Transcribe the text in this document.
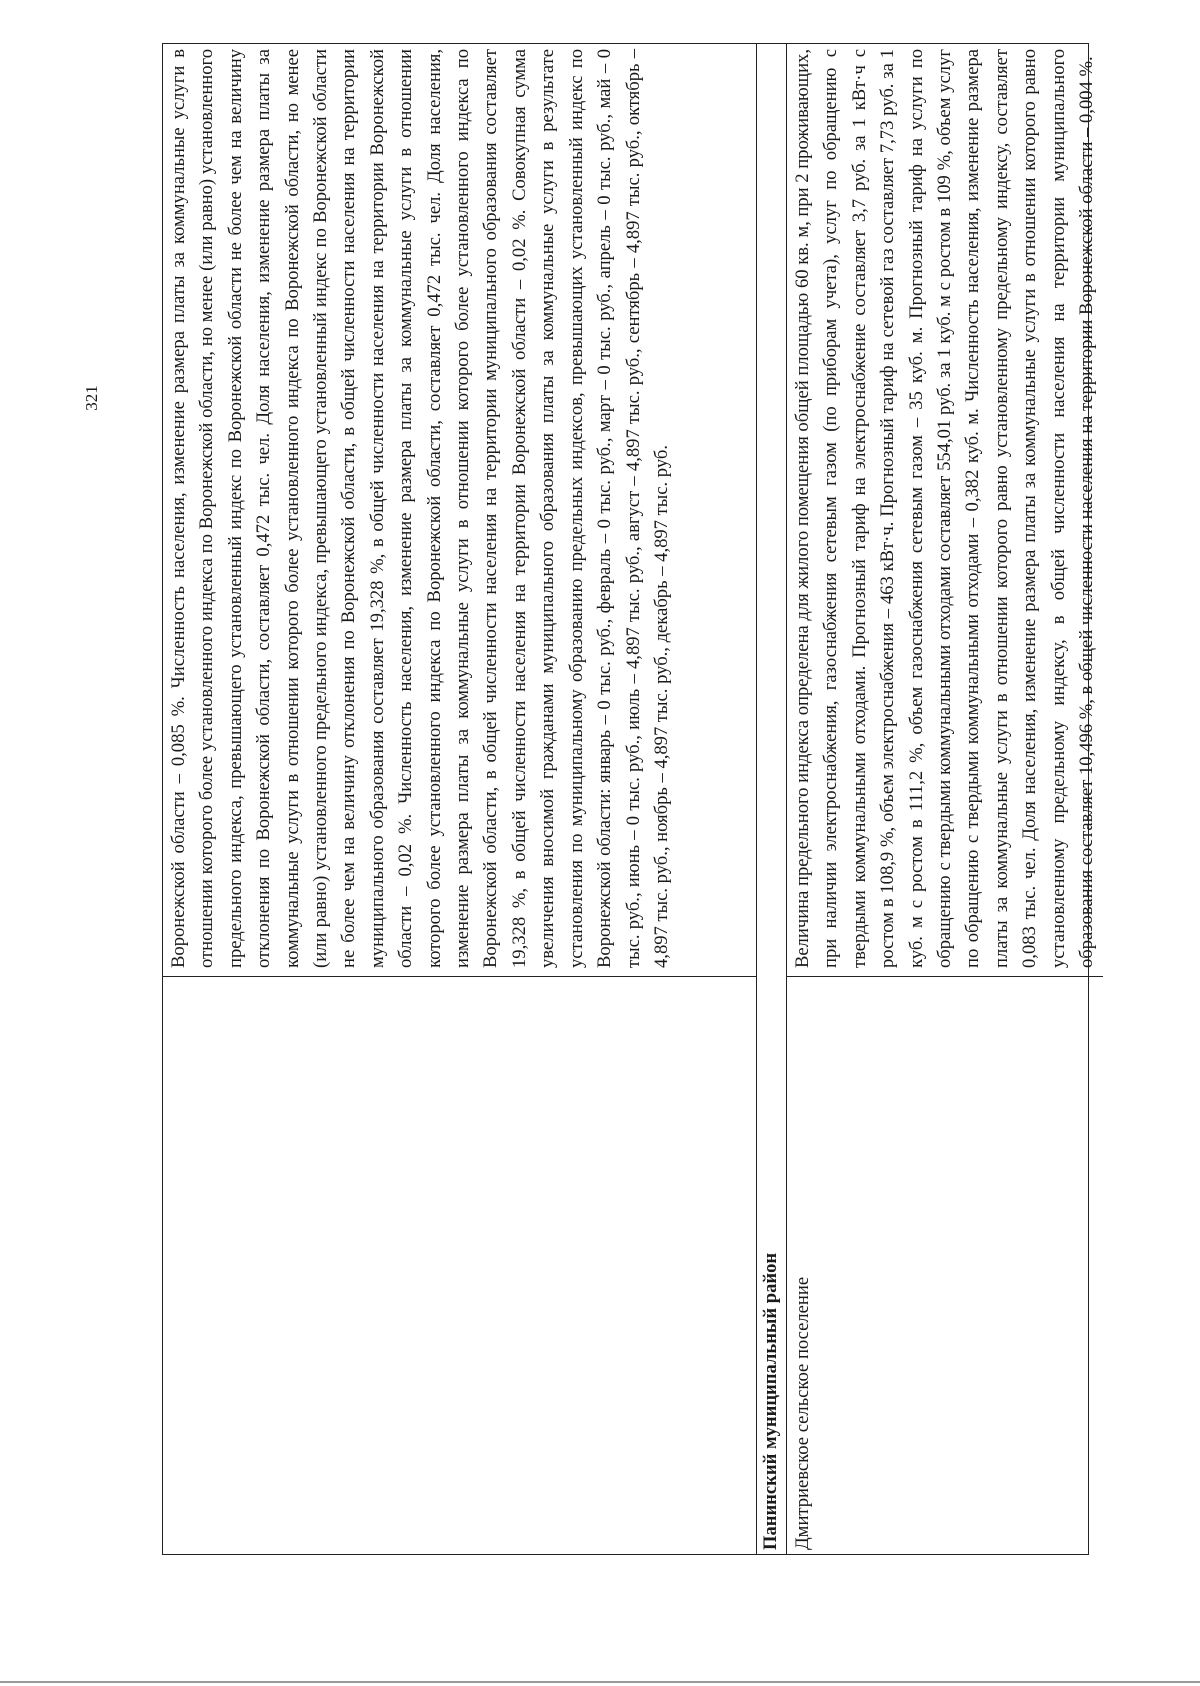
321	Воронежской области – 0,085 %. Численность населения, изменение размера платы за коммунальные услуги в отношении которого более установленного индекса по Воронежской области, но менее (или равно) установленного предельного индекса, превышающего установленный индекс по Воронежской области не более чем на величину отклонения по Воронежской области, составляет 0,472 тыс. чел. Доля населения, изменение размера платы за коммунальные услуги в отношении которого более установленного индекса по Воронежской области, но менее (или равно) установленного предельного индекса, превышающего установленный индекс по Воронежской области не более чем на величину отклонения по Воронежской области, в общей численности населения на территории муниципального образования составляет 19,328 %, в общей численности населения на территории Воронежской области – 0,02 %. Численность населения, изменение размера платы за коммунальные услуги в отношении которого более установленного индекса по Воронежской области, составляет 0,472 тыс. чел. Доля населения, изменение размера платы за коммунальные услуги в отношении которого более установленного индекса по Воронежской области, в общей численности населения на территории муниципального образования составляет 19,328 %, в общей численности населения на территории Воронежской области – 0,02 %. Совокупная сумма увеличения вносимой гражданами муниципального образования платы за коммунальные услуги в результате установления по муниципальному образованию предельных индексов, превышающих установленный индекс по Воронежской области: январь – 0 тыс. руб., февраль – 0 тыс. руб., март – 0 тыс. руб., апрель – 0 тыс. руб., май – 0 тыс. руб., июнь – 0 тыс. руб., июль – 4,897 тыс. руб., август – 4,897 тыс. руб., сентябрь – 4,897 тыс. руб., октябрь – 4,897 тыс. руб., ноябрь – 4,897 тыс. руб., декабрь – 4,897 тыс. руб.
Панинский муниципальный район Дмитриевское сельское поселение
Величина предельного индекса определена для жилого помещения общей площадью 60 кв. м, при 2 проживающих, при наличии электроснабжения, газоснабжения сетевым газом (по приборам учета), услуг по обращению с твердыми коммунальными отходами. Прогнозный тариф на электроснабжение составляет 3,7 руб. за 1 кВт·ч с ростом в 108,9 %, объем электроснабжения – 463 кВт·ч. Прогнозный тариф на сетевой газ составляет 7,73 руб. за 1 куб. м с ростом в 111,2 %, объем газоснабжения сетевым газом – 35 куб. м. Прогнозный тариф на услуги по обращению с твердыми коммунальными отходами составляет 554,01 руб. за 1 куб. м с ростом в 109 %, объем услуг по обращению с твердыми коммунальными отходами – 0,382 куб. м. Численность населения, изменение размера платы за коммунальные услуги в отношении которого равно установленному предельному индексу, составляет 0,083 тыс. чел. Доля населения, изменение размера платы за коммунальные услуги в отношении которого равно установленному предельному индексу, в общей численности населения на территории муниципального образования составляет 10,496 %, в общей численности населения на территории Воронежской области – 0,004 %.
